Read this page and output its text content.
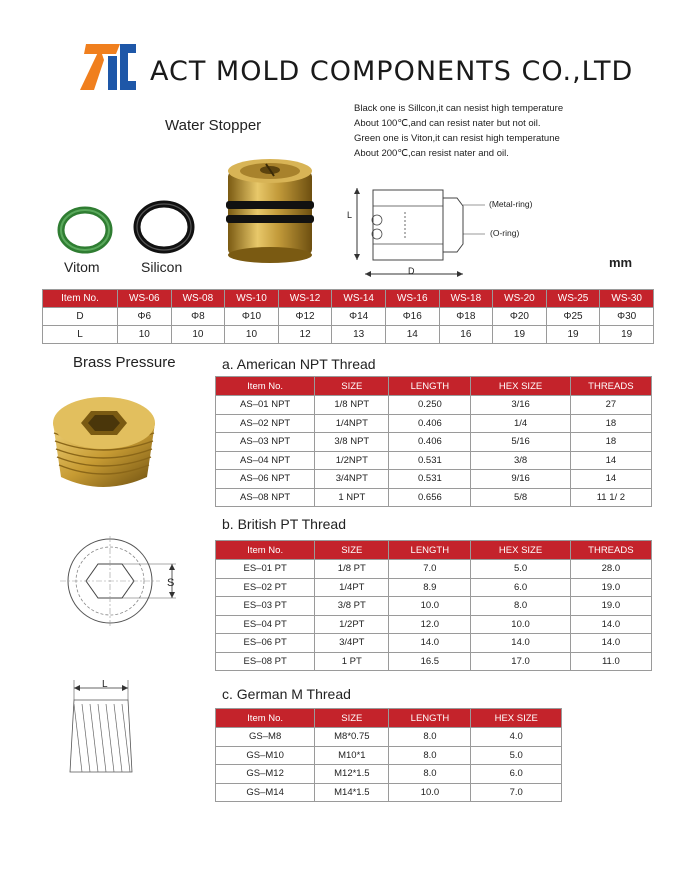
ACT MOLD COMPONENTS CO.,LTD
Water Stopper
Black one is Sillcon,it can nesist high temperature
About 100℃,and can resist nater but not oil.
Green one is Viton,it can resist high temperatune
About 200℃,can resist nater and oil.
Vitom	Silicon
L
D
(Metal-ring)
(O-ring)
mm
Item No.	WS-06	WS-08	WS-10	WS-12	WS-14	WS-16	WS-18	WS-20	WS-25	WS-30
D	Φ6	Φ8	Φ10	Φ12	Φ14	Φ16	Φ18	Φ20	Φ25	Φ30
L	10	10	10	12	13	14	16	19	19	19
Brass Pressure
S
L
a. American NPT Thread
b. British PT Thread
c. German M Thread
Item No.	SIZE	LENGTH	HEX SIZE	THREADS
AS–01 NPT	1/8 NPT	0.250	3/16	27
AS–02 NPT	1/4NPT	0.406	1/4	18
AS–03 NPT	3/8 NPT	0.406	5/16	18
AS–04 NPT	1/2NPT	0.531	3/8	14
AS–06 NPT	3/4NPT	0.531	9/16	14
AS–08 NPT	1 NPT	0.656	5/8	11 1/ 2
Item No.	SIZE	LENGTH	HEX SIZE	THREADS
ES–01 PT	1/8 PT	7.0	5.0	28.0
ES–02 PT	1/4PT	8.9	6.0	19.0
ES–03 PT	3/8 PT	10.0	8.0	19.0
ES–04 PT	1/2PT	12.0	10.0	14.0
ES–06 PT	3/4PT	14.0	14.0	14.0
ES–08 PT	1 PT	16.5	17.0	11.0
Item No.	SIZE	LENGTH	HEX SIZE
GS–M8	M8*0.75	8.0	4.0
GS–M10	M10*1	8.0	5.0
GS–M12	M12*1.5	8.0	6.0
GS–M14	M14*1.5	10.0	7.0
